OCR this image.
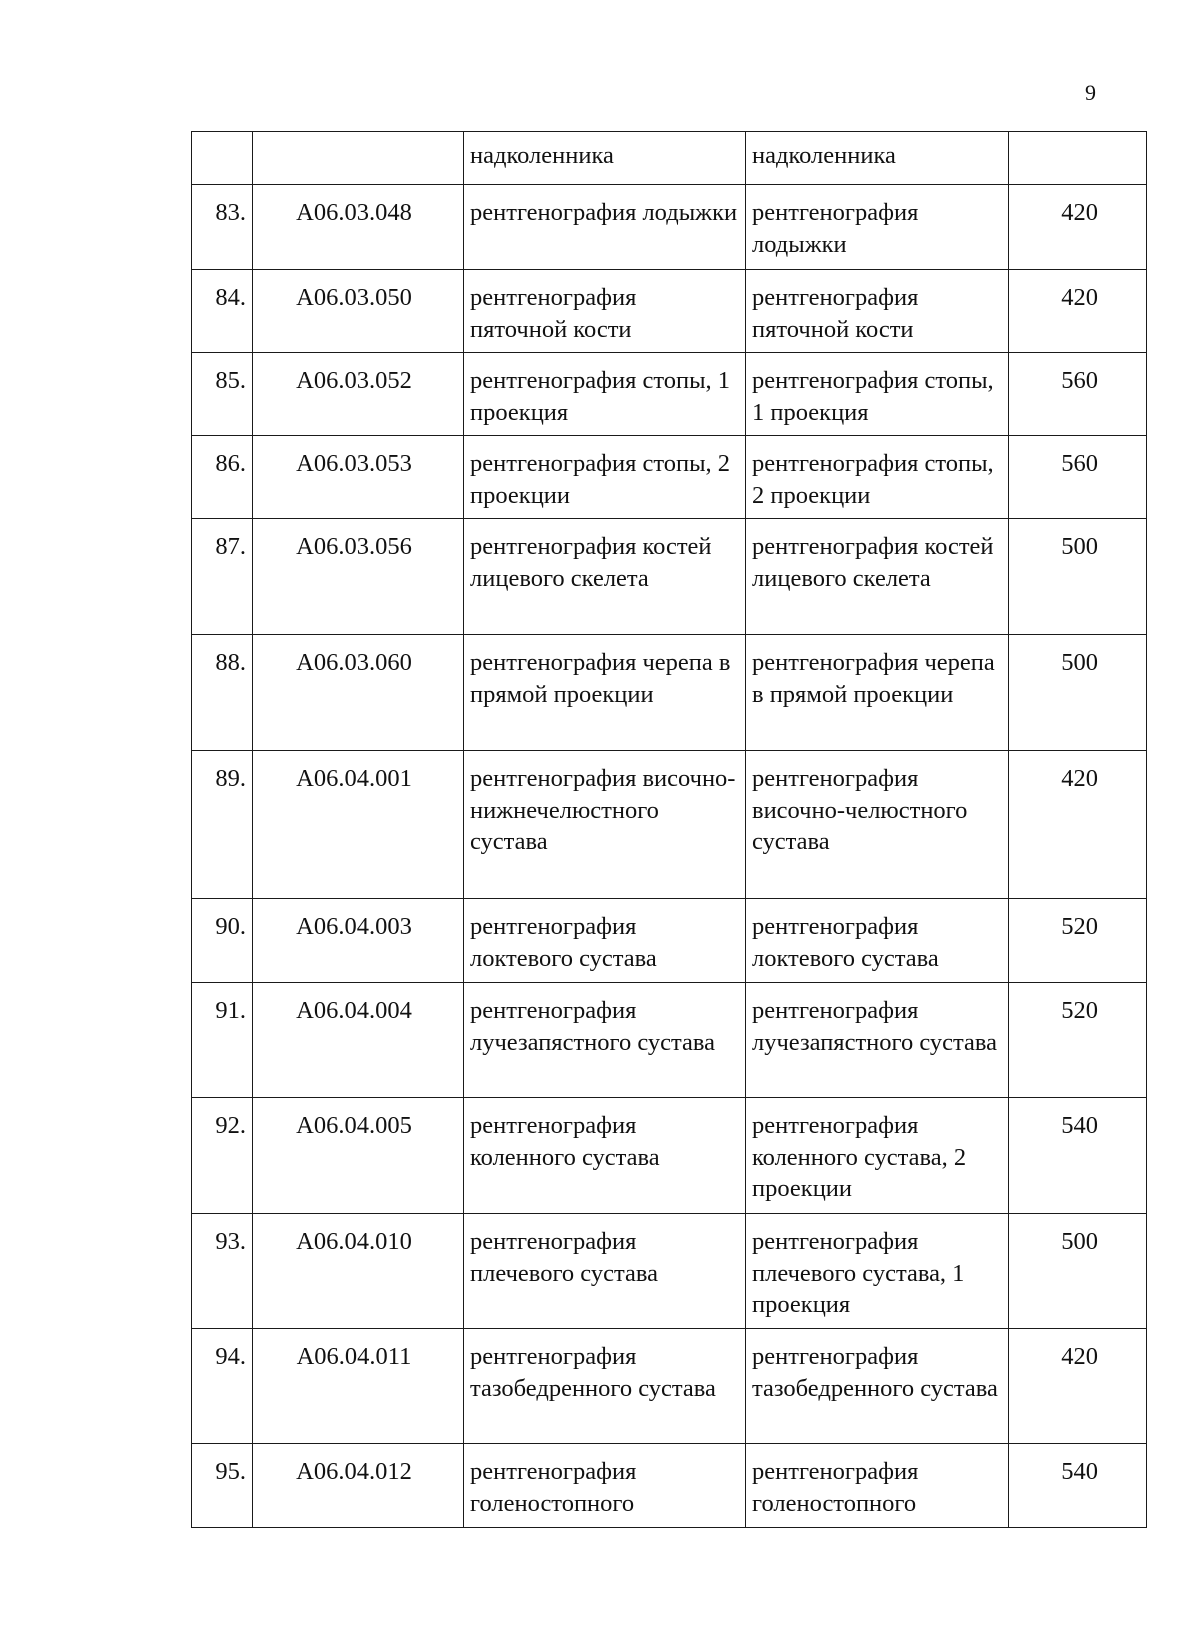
9
		надколенника	надколенника	
83.	A06.03.048	рентгенография лодыжки	рентгенография лодыжки	420
84.	A06.03.050	рентгенография пяточной кости	рентгенография пяточной кости	420
85.	A06.03.052	рентгенография стопы, 1 проекция	рентгенография стопы, 1 проекция	560
86.	A06.03.053	рентгенография стопы, 2 проекции	рентгенография стопы, 2 проекции	560
87.	A06.03.056	рентгенография костей лицевого скелета	рентгенография костей лицевого скелета	500
88.	A06.03.060	рентгенография черепа в прямой проекции	рентгенография черепа в прямой проекции	500
89.	A06.04.001	рентгенография височно-нижнечелюстного сустава	рентгенография височно-челюстного сустава	420
90.	A06.04.003	рентгенография локтевого сустава	рентгенография локтевого сустава	520
91.	A06.04.004	рентгенография лучезапястного сустава	рентгенография лучезапястного сустава	520
92.	A06.04.005	рентгенография коленного сустава	рентгенография коленного сустава, 2 проекции	540
93.	A06.04.010	рентгенография плечевого сустава	рентгенография плечевого сустава, 1 проекция	500
94.	A06.04.011	рентгенография тазобедренного сустава	рентгенография тазобедренного сустава	420
95.	A06.04.012	рентгенография голеностопного	рентгенография голеностопного	540
